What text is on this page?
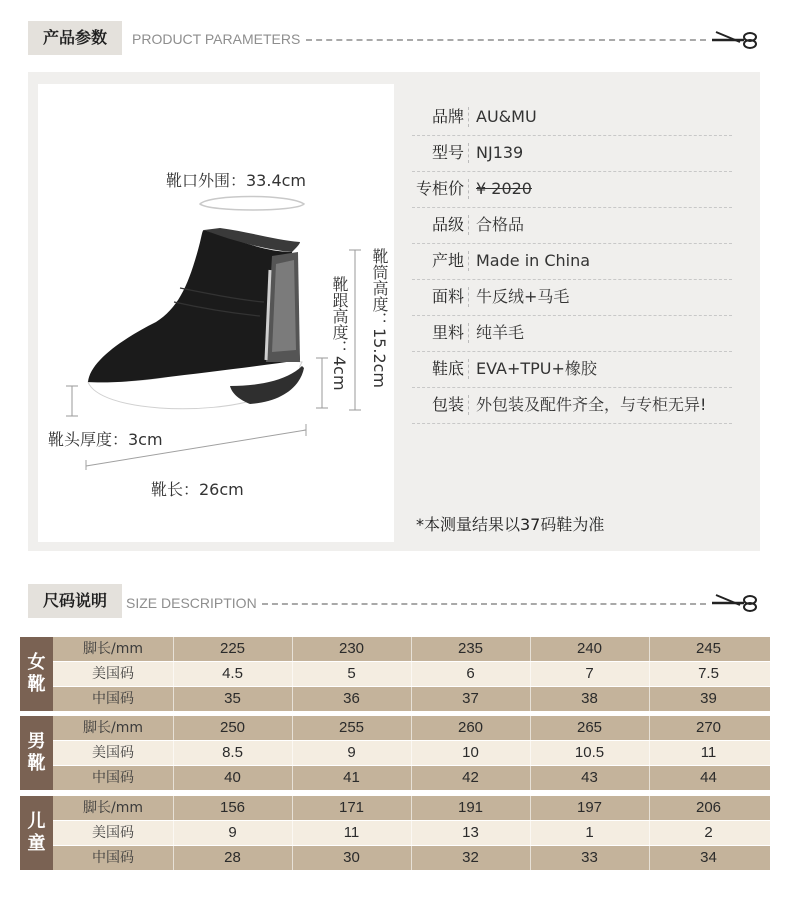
产品参数	PRODUCT PARAMETERS
靴口外围：33.4cm
靴头厚度：3cm
靴长：26cm
靴筒高度：15.2cm
靴跟高度：4cm
品牌 AU&MU
型号 NJ139
专柜价 ¥ 2020
品级 合格品
产地 Made in China
面料 牛反绒+马毛
里料 纯羊毛
鞋底 EVA+TPU+橡胶
包装 外包装及配件齐全，与专柜无异!
*本测量结果以37码鞋为准
尺码说明	SIZE DESCRIPTION
女
靴
脚长/mm	225	230	235	240	245
美国码	4.5	5	6	7	7.5
中国码	35	36	37	38	39
男
靴
脚长/mm	250	255	260	265	270
美国码	8.5	9	10	10.5	11
中国码	40	41	42	43	44
儿
童
脚长/mm	156	171	191	197	206
美国码	9	11	13	1	2
中国码	28	30	32	33	34
